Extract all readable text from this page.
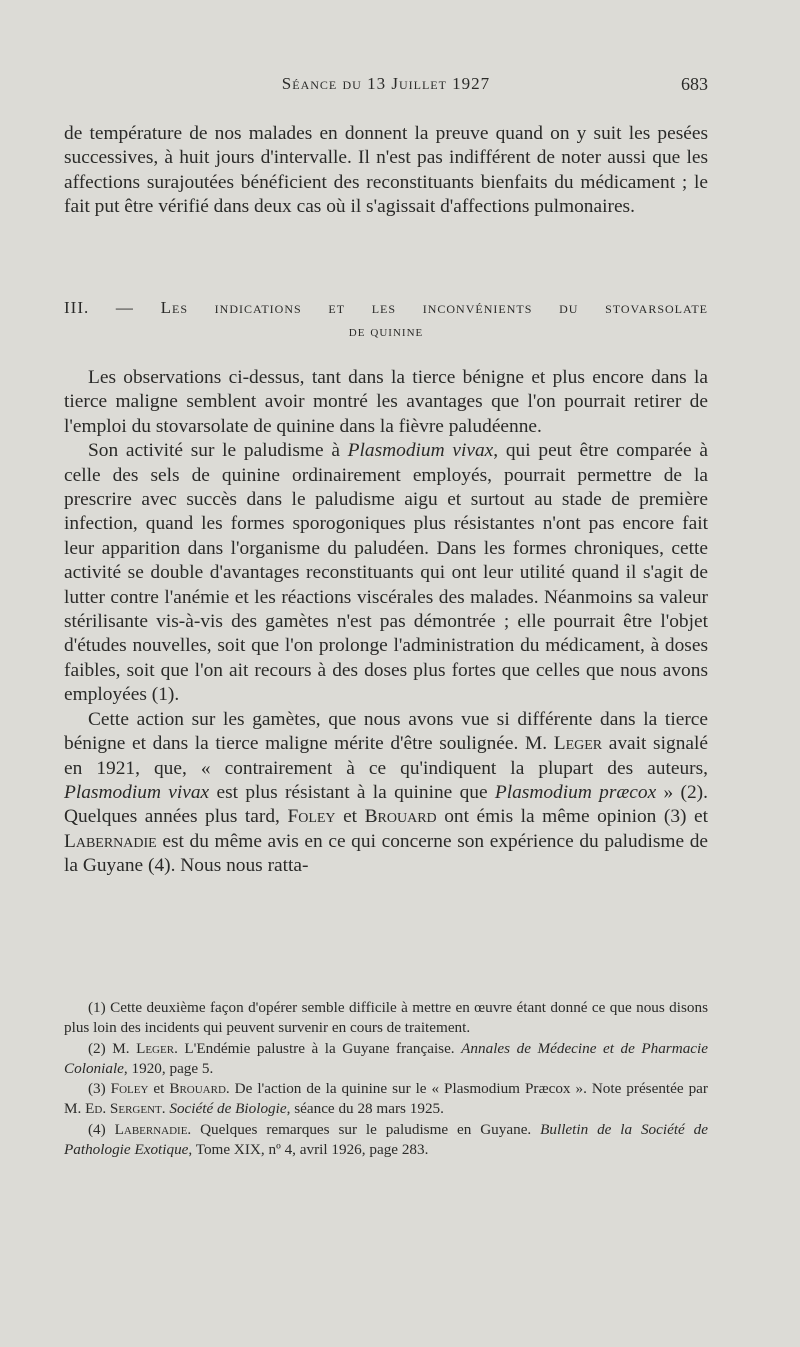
Séance du 13 Juillet 1927	683

de température de nos malades en donnent la preuve quand on y suit les pesées successives, à huit jours d'intervalle. Il n'est pas indifférent de noter aussi que les affections surajoutées bénéficient des reconstituants bienfaits du médicament ; le fait put être vérifié dans deux cas où il s'agissait d'affections pulmonaires.

III. — Les indications et les inconvénients du stovarsolate
de quinine

Les observations ci-dessus, tant dans la tierce bénigne et plus encore dans la tierce maligne semblent avoir montré les avantages que l'on pourrait retirer de l'emploi du stovarsolate de quinine dans la fièvre paludéenne.

Son activité sur le paludisme à Plasmodium vivax, qui peut être comparée à celle des sels de quinine ordinairement employés, pourrait permettre de la prescrire avec succès dans le paludisme aigu et surtout au stade de première infection, quand les formes sporogoniques plus résistantes n'ont pas encore fait leur apparition dans l'organisme du paludéen. Dans les formes chroniques, cette activité se double d'avantages reconstituants qui ont leur utilité quand il s'agit de lutter contre l'anémie et les réactions viscérales des malades. Néanmoins sa valeur stérilisante vis-à-vis des gamètes n'est pas démontrée ; elle pourrait être l'objet d'études nouvelles, soit que l'on prolonge l'administration du médicament, à doses faibles, soit que l'on ait recours à des doses plus fortes que celles que nous avons employées (1).

Cette action sur les gamètes, que nous avons vue si différente dans la tierce bénigne et dans la tierce maligne mérite d'être soulignée. M. Leger avait signalé en 1921, que, « contrairement à ce qu'indiquent la plupart des auteurs, Plasmodium vivax est plus résistant à la quinine que Plasmodium præcox » (2). Quelques années plus tard, Foley et Brouard ont émis la même opinion (3) et Labernadie est du même avis en ce qui concerne son expérience du paludisme de la Guyane (4). Nous nous ratta-

(1) Cette deuxième façon d'opérer semble difficile à mettre en œuvre étant donné ce que nous disons plus loin des incidents qui peuvent survenir en cours de traitement.

(2) M. Leger. L'Endémie palustre à la Guyane française. Annales de Médecine et de Pharmacie Coloniale, 1920, page 5.

(3) Foley et Brouard. De l'action de la quinine sur le « Plasmodium Præcox ». Note présentée par M. Ed. Sergent. Société de Biologie, séance du 28 mars 1925.

(4) Labernadie. Quelques remarques sur le paludisme en Guyane. Bulletin de la Société de Pathologie Exotique, Tome XIX, nº 4, avril 1926, page 283.
